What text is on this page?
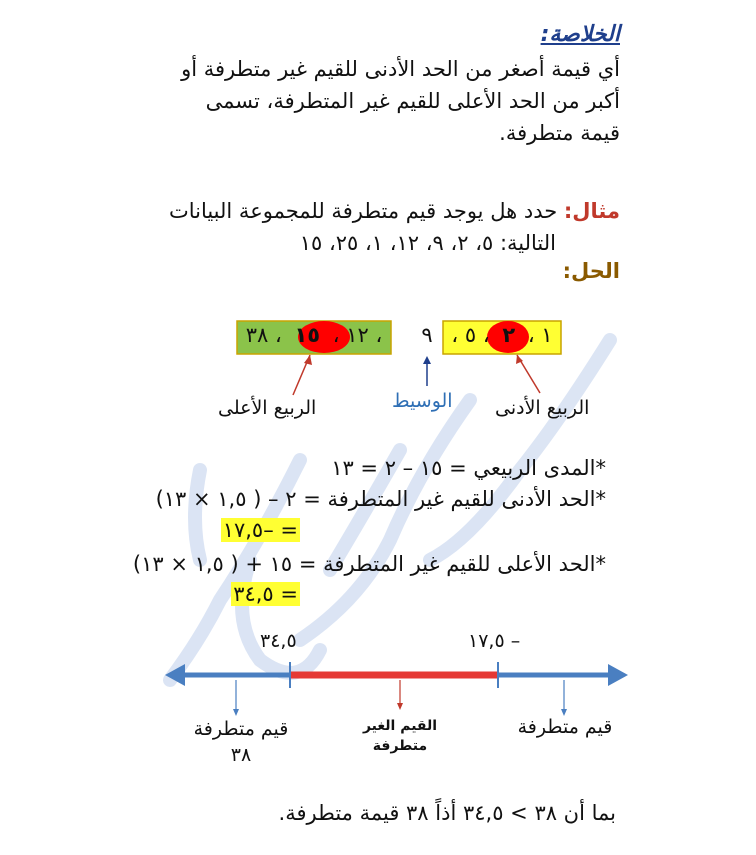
الخلاصة:
أي قيمة أصغر من الحد الأدنى للقيم غير متطرفة أو
أكبر من الحد الأعلى للقيم غير المتطرفة، تسمى
قيمة متطرفة.
مثال: حدد هل يوجد قيم متطرفة للمجموعة البيانات
التالية: ٥، ٢، ٩، ١٢، ١، ٢٥، ١٥
الحل:
١ ، ٢ ، ٥ ،
٩
، ١٢ ، ١٥ ، ٣٨
الربيع الأعلى	الوسيط الربيع الأدنى
*المدى الربيعي = ١٥ – ٢ = ١٣
*الحد الأدنى للقيم غير المتطرفة = ٢ – ( ١,٥ × ١٣)
= –١٧,٥
*الحد الأعلى للقيم غير المتطرفة = ١٥ + ( ١,٥ × ١٣)
= ٣٤,٥
٣٤,٥	– ١٧,٥
قيم متطرفة
٣٨
القيم الغير
متطرفة
قيم متطرفة
بما أن ٣٨ > ٣٤,٥ أذاً ٣٨ قيمة متطرفة.
